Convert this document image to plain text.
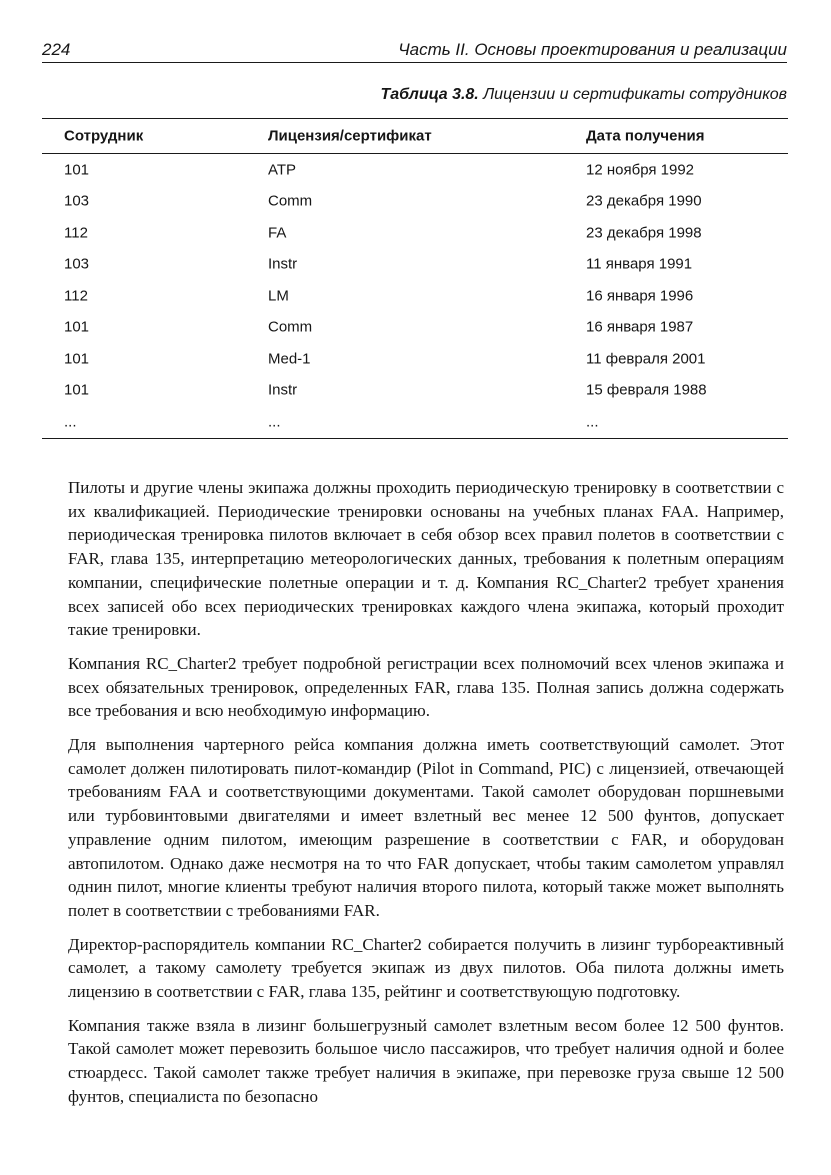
224	Часть II. Основы проектирования и реализации
Таблица 3.8. Лицензии и сертификаты сотрудников
Сотрудник	Лицензия/сертификат	Дата получения
101	ATP	12 ноября 1992
103	Comm	23 декабря 1990
112	FA	23 декабря 1998
103	Instr	11 января 1991
112	LM	16 января 1996
101	Comm	16 января 1987
101	Med-1	11 февраля 2001
101	Instr	15 февраля 1988
...	...	...

Пилоты и другие члены экипажа должны проходить периодическую тренировку в соответствии с их квалификацией. Периодические тренировки основаны на учебных планах FAA. Например, периодическая тренировка пилотов включает в себя обзор всех правил полетов в соответствии с FAR, глава 135, интерпретацию метеорологических данных, требования к полетным операциям компании, специфические полетные операции и т. д. Компания RC_Charter2 требует хранения всех записей обо всех периодических тренировках каждого члена экипажа, который проходит такие тренировки.

Компания RC_Charter2 требует подробной регистрации всех полномочий всех членов экипажа и всех обязательных тренировок, определенных FAR, глава 135. Полная запись должна содержать все требования и всю необходимую информацию.

Для выполнения чартерного рейса компания должна иметь соответствующий самолет. Этот самолет должен пилотировать пилот-командир (Pilot in Command, PIC) с лицензией, отвечающей требованиям FAA и соответствующими документами. Такой самолет оборудован поршневыми или турбовинтовыми двигателями и имеет взлетный вес менее 12 500 фунтов, допускает управление одним пилотом, имеющим разрешение в соответствии с FAR, и оборудован автопилотом. Однако даже несмотря на то что FAR допускает, чтобы таким самолетом управлял однин пилот, многие клиенты требуют наличия второго пилота, который также может выполнять полет в соответствии с требованиями FAR.

Директор-распорядитель компании RC_Charter2 собирается получить в лизинг турбореактивный самолет, а такому самолету требуется экипаж из двух пилотов. Оба пилота должны иметь лицензию в соответствии с FAR, глава 135, рейтинг и соответствующую подготовку.

Компания также взяла в лизинг большегрузный самолет взлетным весом более 12 500 фунтов. Такой самолет может перевозить большое число пассажиров, что требует наличия одной и более стюардесс. Такой самолет также требует наличия в экипаже, при перевозке груза свыше 12 500 фунтов, специалиста по безопасно
